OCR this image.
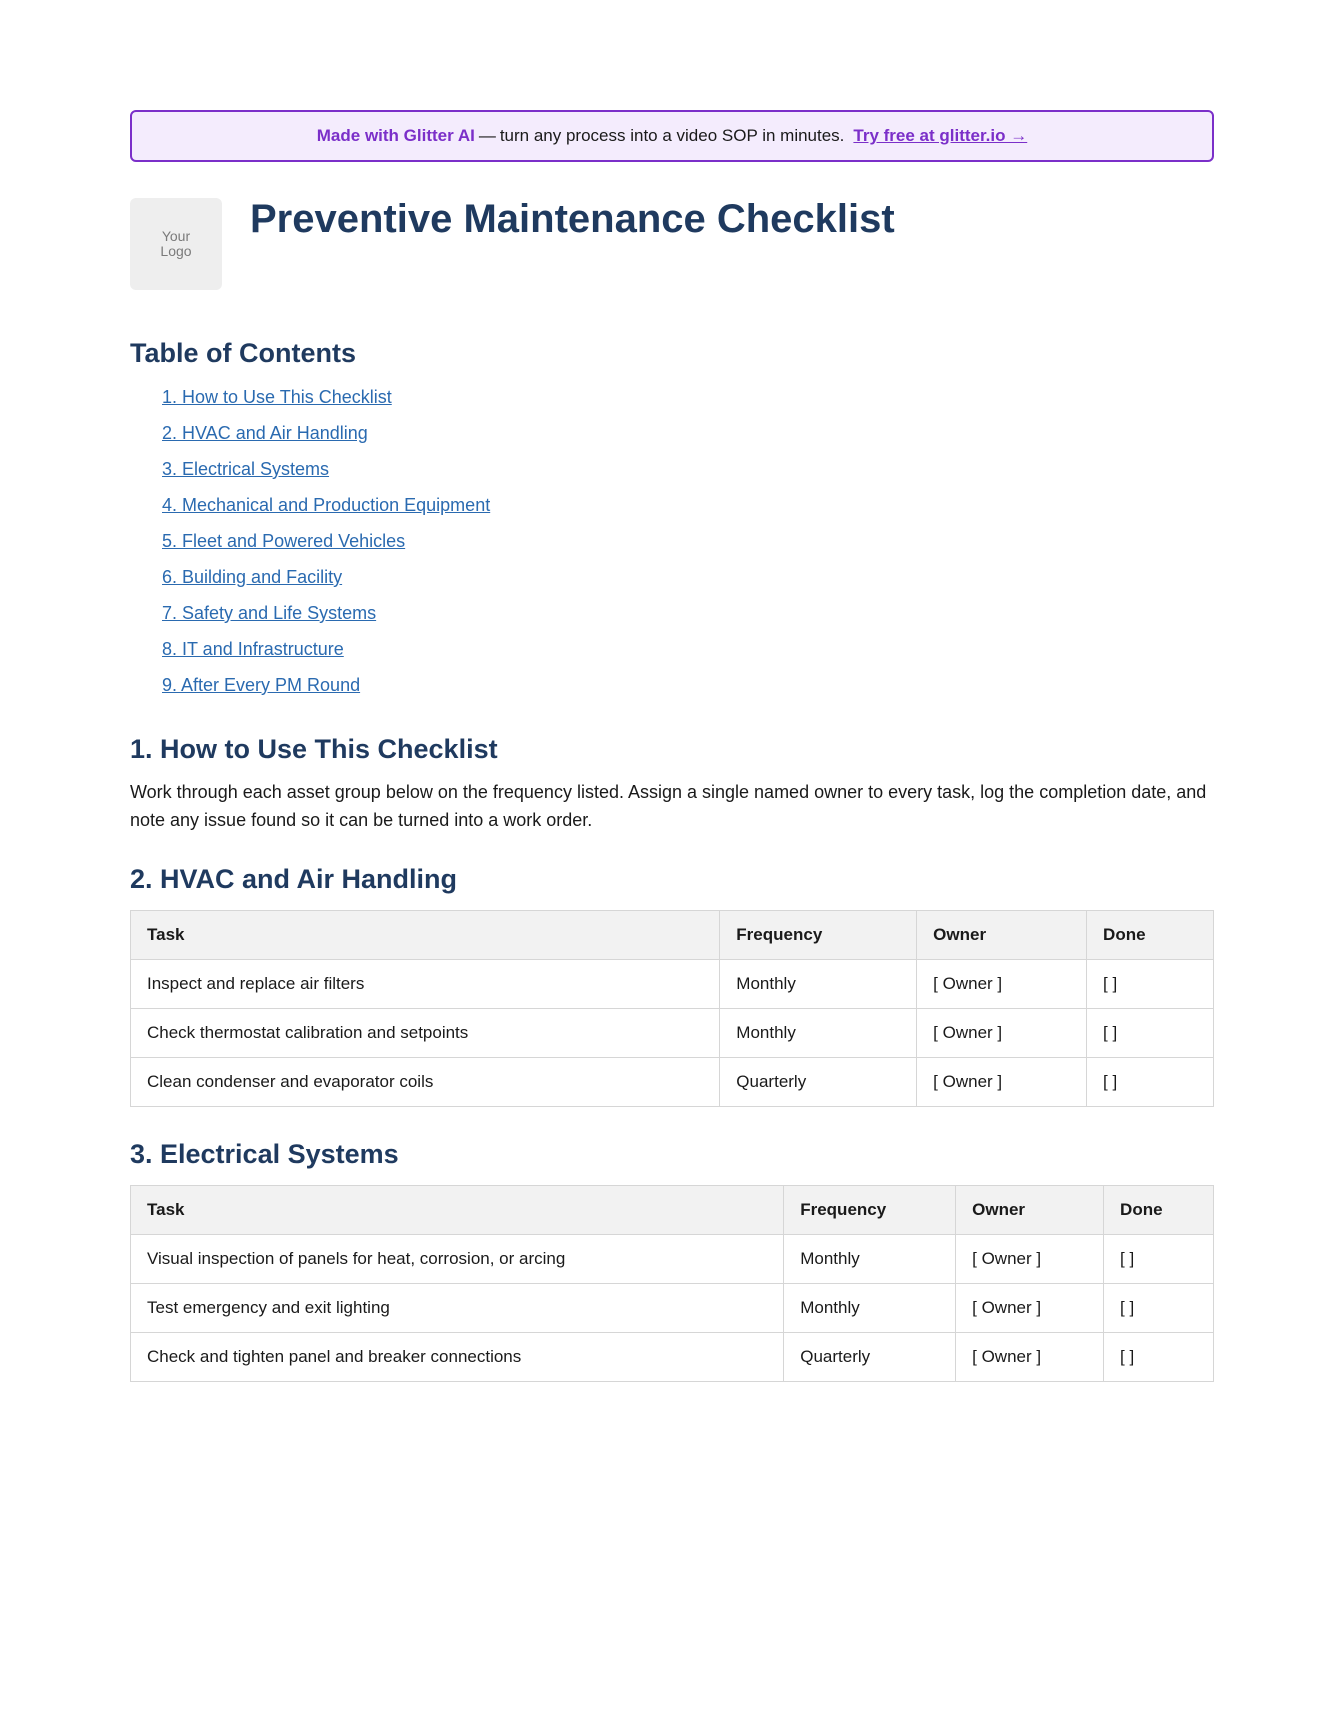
Made with Glitter AI — turn any process into a video SOP in minutes. Try free at glitter.io →
Your Logo
Preventive Maintenance Checklist
Table of Contents
1. How to Use This Checklist
2. HVAC and Air Handling
3. Electrical Systems
4. Mechanical and Production Equipment
5. Fleet and Powered Vehicles
6. Building and Facility
7. Safety and Life Systems
8. IT and Infrastructure
9. After Every PM Round
1. How to Use This Checklist

Work through each asset group below on the frequency listed. Assign a single named owner to every task, log the completion date, and note any issue found so it can be turned into a work order.

2. HVAC and Air Handling
Task	Frequency	Owner	Done
Inspect and replace air filters	Monthly	[ Owner ]	[ ]
Check thermostat calibration and setpoints	Monthly	[ Owner ]	[ ]
Clean condenser and evaporator coils	Quarterly	[ Owner ]	[ ]
3. Electrical Systems
Task	Frequency	Owner	Done
Visual inspection of panels for heat, corrosion, or arcing	Monthly	[ Owner ]	[ ]
Test emergency and exit lighting	Monthly	[ Owner ]	[ ]
Check and tighten panel and breaker connections	Quarterly	[ Owner ]	[ ]
